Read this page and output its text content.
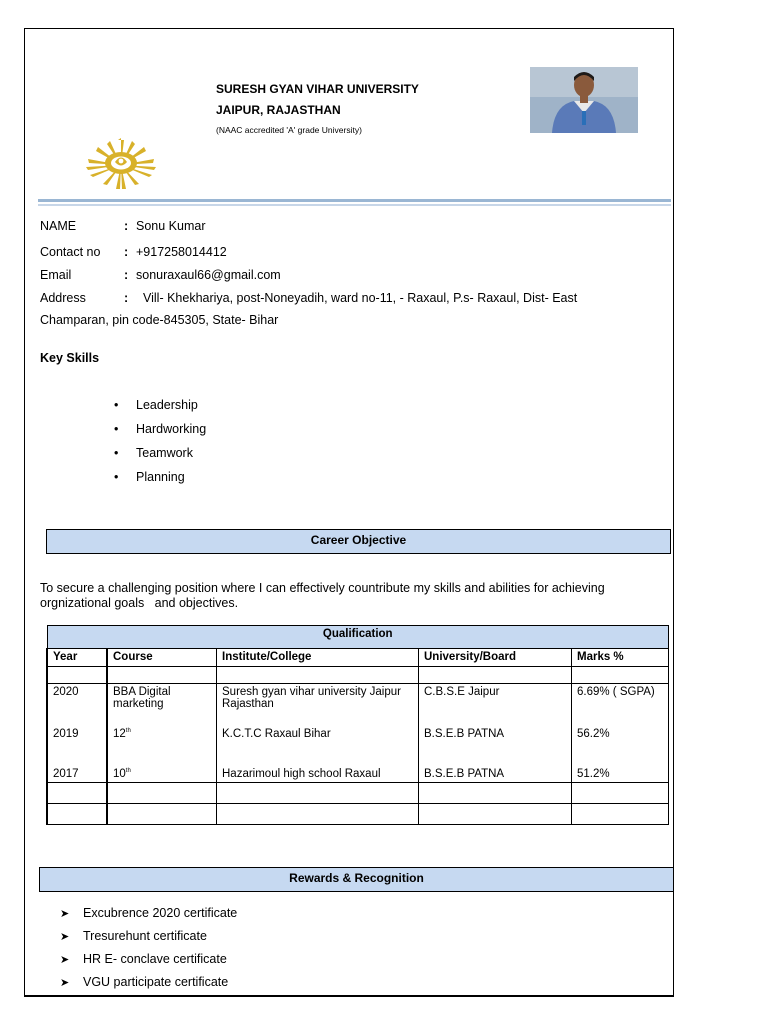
SURESH GYAN VIHAR UNIVERSITY
JAIPUR, RAJASTHAN
(NAAC accredited 'A' grade University)
NAME	: Sonu Kumar
Contact no : +917258014412
Email	: sonuraxaul66@gmail.com
Address	: Vill- Khekhariya, post-Noneyadih, ward no-11, - Raxaul, P.s- Raxaul, Dist- East
Champaran, pin code-845305, State- Bihar
Key Skills
• Leadership
• Hardworking
• Teamwork
• Planning
Career Objective
To secure a challenging position where I can effectively countribute my skills and abilities for achieving
orgnizational goals   and objectives.
Qualification				
Year	Course	Institute/College	University/Board	Marks %

2020	BBA Digital marketing	Suresh gyan vihar university Jaipur Rajasthan	C.B.S.E Jaipur	6.69% ( SGPA)
2019	12th	K.C.T.C Raxaul Bihar	B.S.E.B PATNA	56.2%
2017	10th	Hazarimoul high school Raxaul	B.S.E.B PATNA	51.2%

Rewards & Recognition
➤ Excubrence 2020 certificate
➤ Tresurehunt certificate
➤ HR E- conclave certificate
➤ VGU participate certificate
